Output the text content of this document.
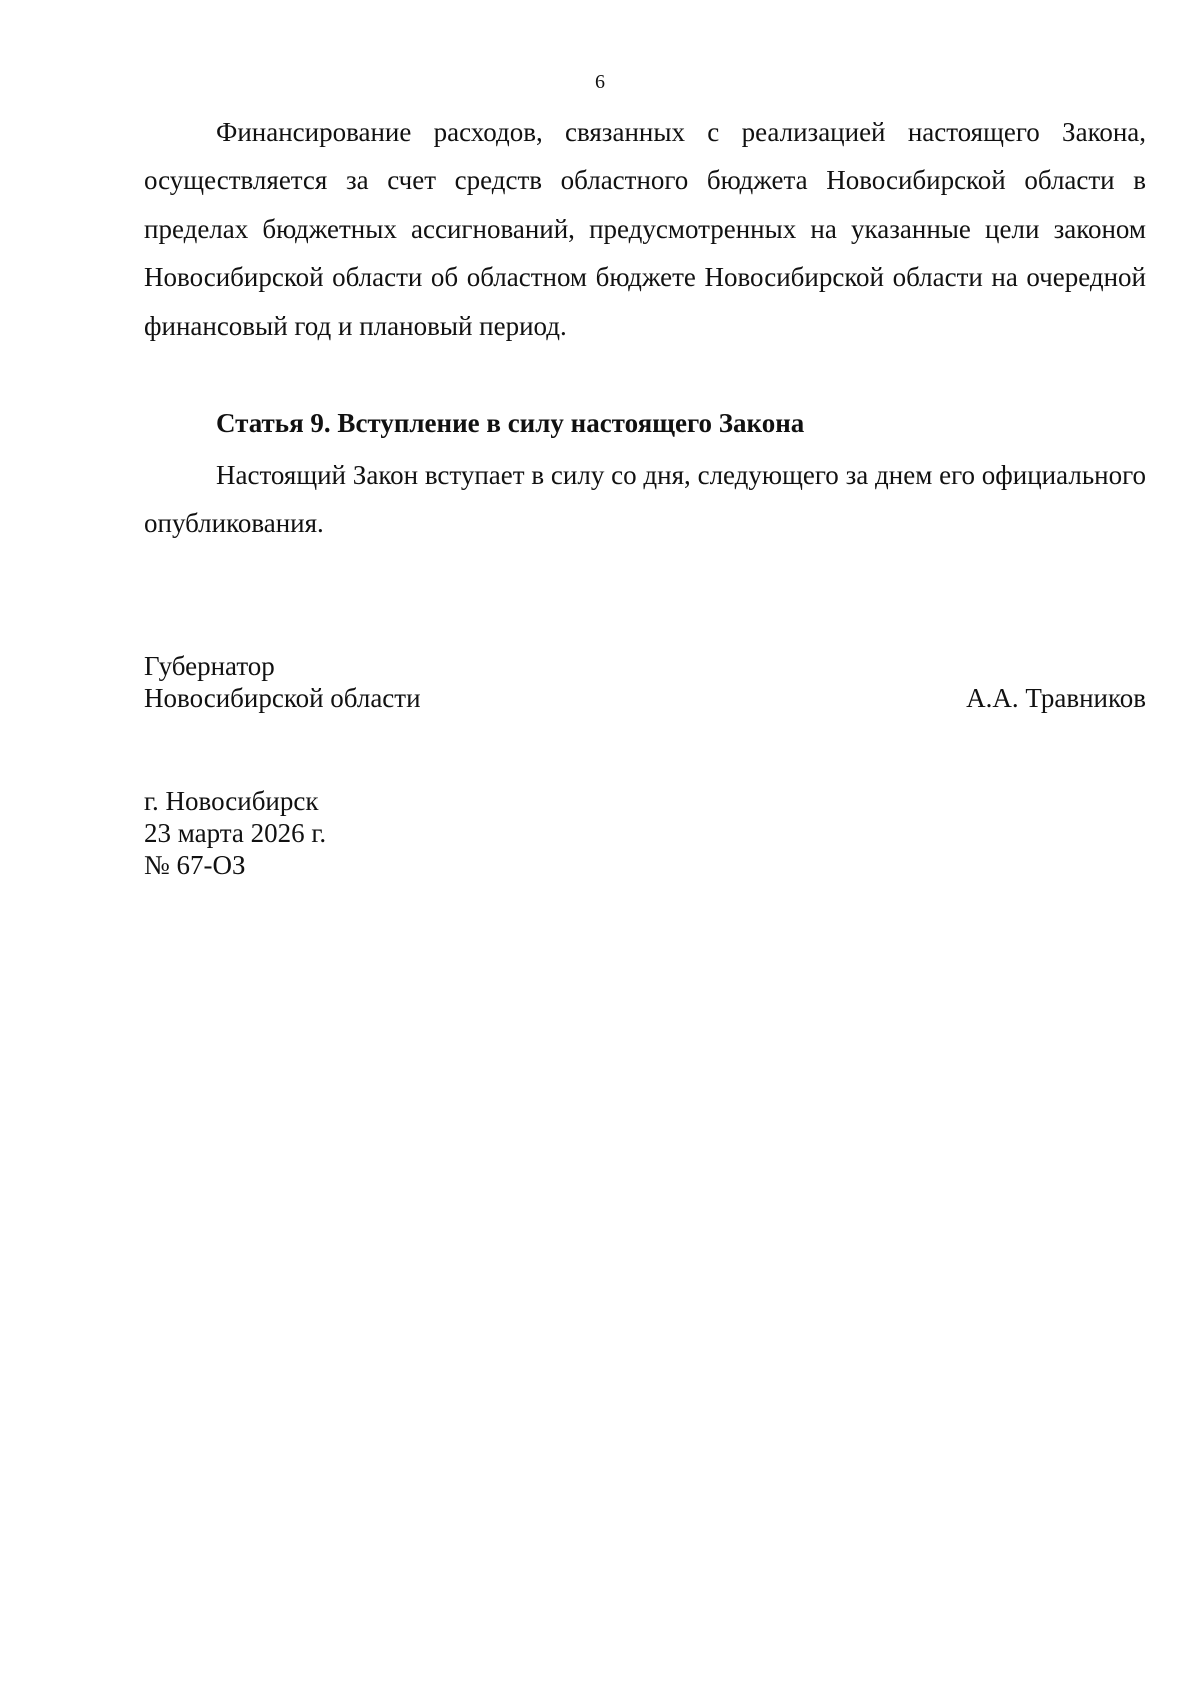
6

Финансирование расходов, связанных с реализацией настоящего Закона, осуществляется за счет средств областного бюджета Новосибирской области в пределах бюджетных ассигнований, предусмотренных на указанные цели законом Новосибирской области об областном бюджете Новосибирской области на очередной финансовый год и плановый период.

Статья 9. Вступление в силу настоящего Закона

Настоящий Закон вступает в силу со дня, следующего за днем его официального опубликования.

Губернатор
Новосибирской области	А.А. Травников
г. Новосибирск
23 марта 2026 г.
№ 67-ОЗ
